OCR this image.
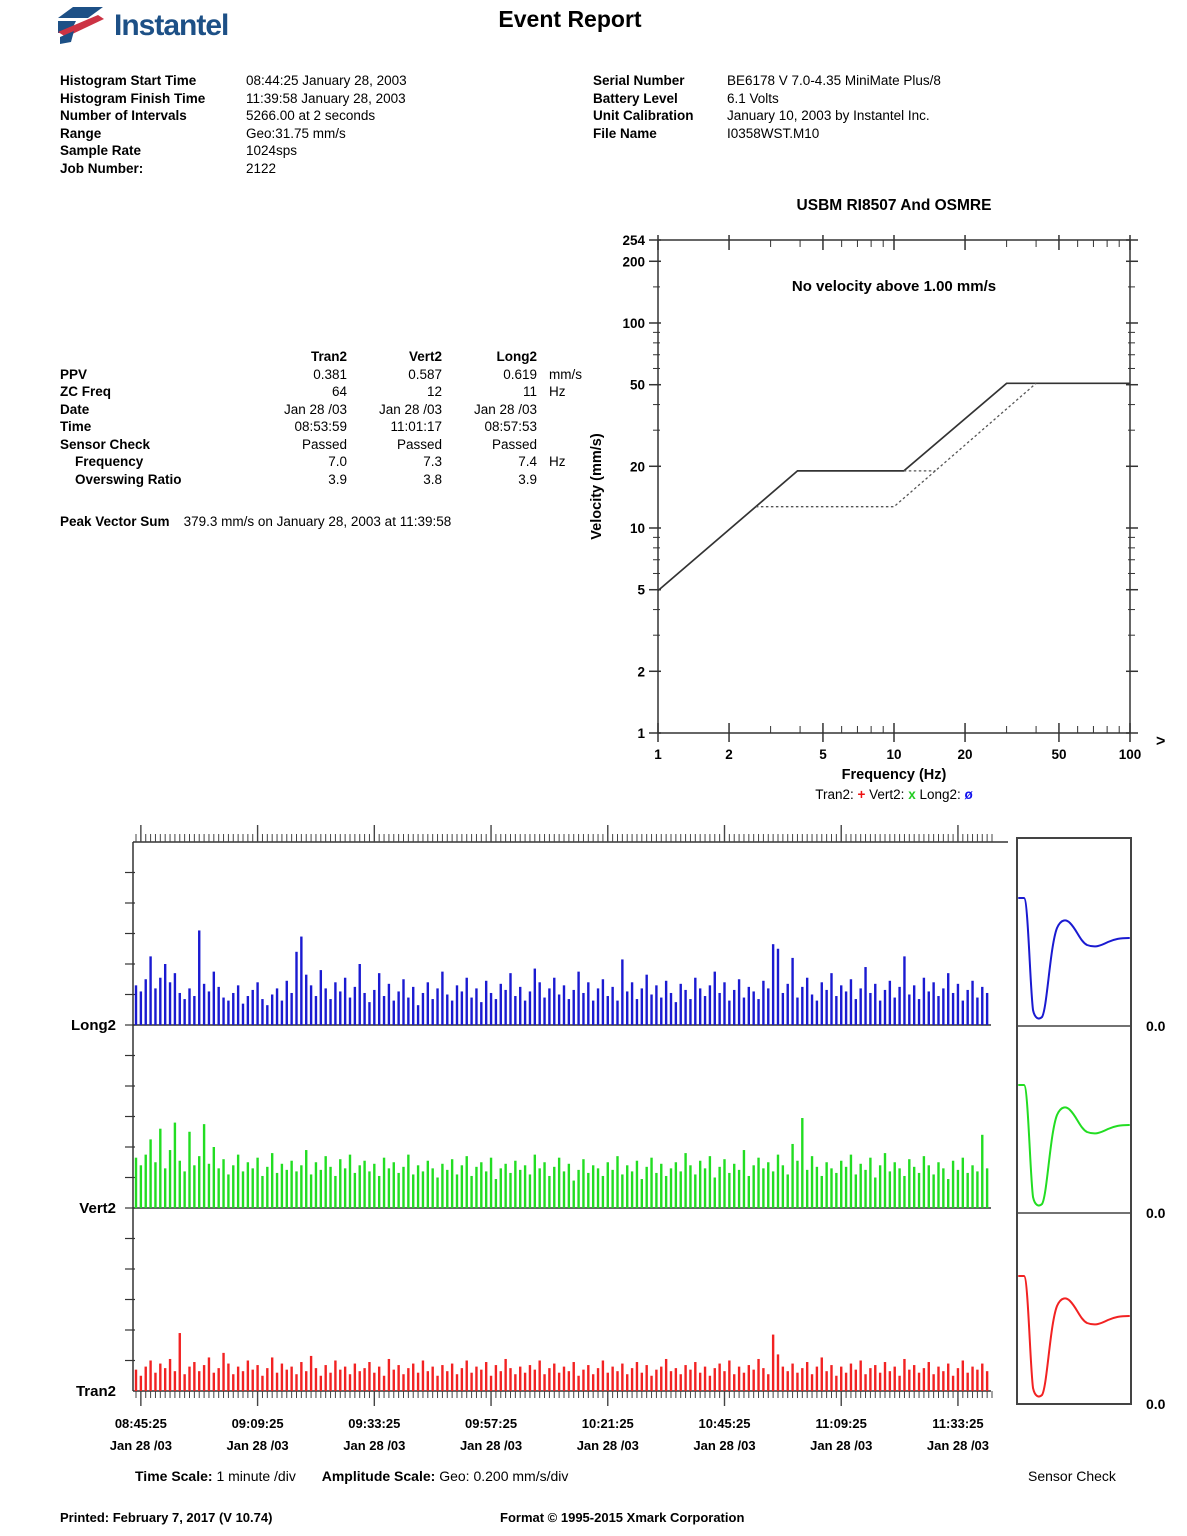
Instantel	Event Report
Histogram Start Time	08:44:25 January 28, 2003
Histogram Finish Time	11:39:58 January 28, 2003
Number of Intervals	5266.00 at 2 seconds
Range	Geo:31.75 mm/s
Sample Rate	1024sps
Job Number:	2122
Serial Number	BE6178 V 7.0-4.35 MiniMate Plus/8
Battery Level	6.1 Volts
Unit Calibration	January 10, 2003 by Instantel Inc.
File Name	I0358WST.M10
Tran2	Vert2	Long2
PPV	0.381	0.587	0.619 mm/s
ZC Freq	64	12	11 Hz
Date	Jan 28 /03	Jan 28 /03	Jan 28 /03
Time	08:53:59	11:01:17	08:57:53
Sensor Check	Passed	Passed	Passed
Frequency	7.0	7.3	7.4 Hz
Overswing Ratio	3.9	3.8	3.9
Peak Vector Sum 379.3 mm/s on January 28, 2003 at 11:39:58
USBM RI8507 And OSMRE
No velocity above 1.00 mm/s
254
200
100
50
20
10
5
2
1
1	2	5	10	20	50	100
>
Velocity (mm/s)
Frequency (Hz)
Tran2: + Vert2: x Long2: ø
Long2
Vert2
Tran2
08:45:25
Jan 28 /03
09:09:25
Jan 28 /03
09:33:25
Jan 28 /03
09:57:25
Jan 28 /03
10:21:25
Jan 28 /03
10:45:25
Jan 28 /03
11:09:25
Jan 28 /03
11:33:25
Jan 28 /03
0.0
0.0
0.0
Time Scale: 1 minute /div Amplitude Scale: Geo: 0.200 mm/s/div	Sensor Check
Printed: February 7, 2017 (V 10.74)	Format © 1995-2015 Xmark Corporation
